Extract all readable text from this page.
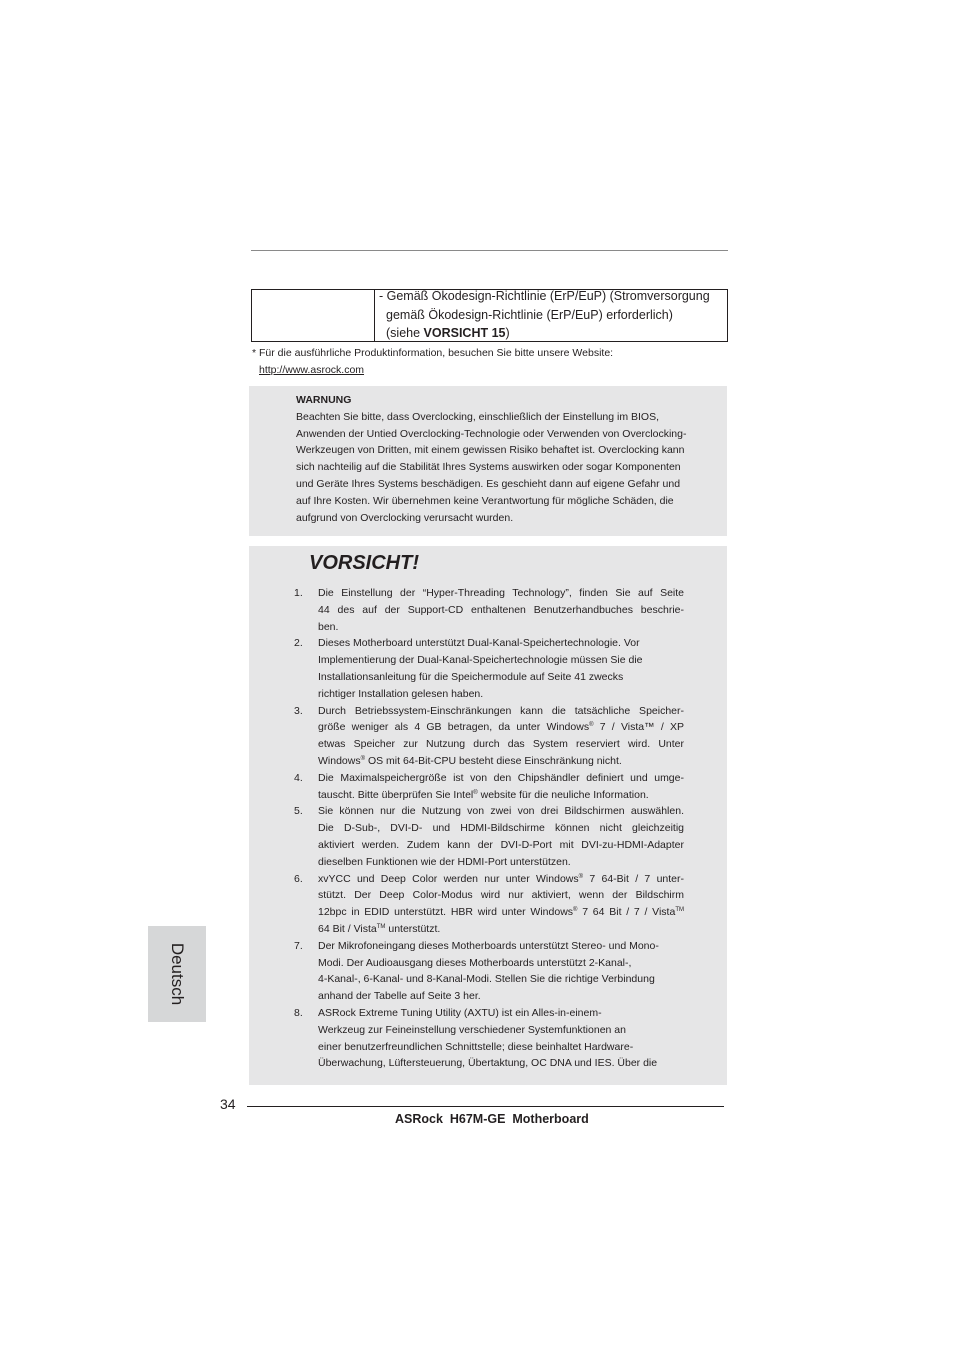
- Gemäß Ökodesign-Richtlinie (ErP/EuP) (Stromversorgung
gemäß Ökodesign-Richtlinie (ErP/EuP) erforderlich)
(siehe VORSICHT 15)
* Für die ausführliche Produktinformation, besuchen Sie bitte unsere Website:
http://www.asrock.com
WARNUNG
Beachten Sie bitte, dass Overclocking, einschließlich der Einstellung im BIOS,
Anwenden der Untied Overclocking-Technologie oder Verwenden von Overclocking-
Werkzeugen von Dritten, mit einem gewissen Risiko behaftet ist. Overclocking kann
sich nachteilig auf die Stabilität Ihres Systems auswirken oder sogar Komponenten
und Geräte Ihres Systems beschädigen. Es geschieht dann auf eigene Gefahr und
auf Ihre Kosten. Wir übernehmen keine Verantwortung für mögliche Schäden, die
aufgrund von Overclocking verursacht wurden.
VORSICHT!
1.	Die Einstellung der “Hyper-Threading Technology”, finden Sie auf Seite
44 des auf der Support-CD enthaltenen Benutzerhandbuches beschrie-
ben.
2.	Dieses Motherboard unterstützt Dual-Kanal-Speichertechnologie. Vor
Implementierung der Dual-Kanal-Speichertechnologie müssen Sie die
Installationsanleitung für die Speichermodule auf Seite 41 zwecks
richtiger Installation gelesen haben.
3.	Durch Betriebssystem-Einschränkungen kann die tatsächliche Speicher-
größe weniger als 4 GB betragen, da unter Windows® 7 / Vista™ / XP
etwas Speicher zur Nutzung durch das System reserviert wird. Unter
Windows® OS mit 64-Bit-CPU besteht diese Einschränkung nicht.
4.	Die Maximalspeichergröße ist von den Chipshändler definiert und umge-
tauscht. Bitte überprüfen Sie Intel® website für die neuliche Information.
5.	Sie können nur die Nutzung von zwei von drei Bildschirmen auswählen.
Die D-Sub-, DVI-D- und HDMI-Bildschirme können nicht gleichzeitig
aktiviert werden. Zudem kann der DVI-D-Port mit DVI-zu-HDMI-Adapter
dieselben Funktionen wie der HDMI-Port unterstützen.
6.	xvYCC und Deep Color werden nur unter Windows® 7 64-Bit / 7 unter-
stützt. Der Deep Color-Modus wird nur aktiviert, wenn der Bildschirm
12bpc in EDID unterstützt. HBR wird unter Windows® 7 64 Bit / 7 / Vista™
64 Bit / Vista™ unterstützt.
7.	Der Mikrofoneingang dieses Motherboards unterstützt Stereo- und Mono-
Modi. Der Audioausgang dieses Motherboards unterstützt 2-Kanal-,
4-Kanal-, 6-Kanal- und 8-Kanal-Modi. Stellen Sie die richtige Verbindung
anhand der Tabelle auf Seite 3 her.
8.	ASRock Extreme Tuning Utility (AXTU) ist ein Alles-in-einem-
Werkzeug zur Feineinstellung verschiedener Systemfunktionen an
einer benutzerfreundlichen Schnittstelle; diese beinhaltet Hardware-
Überwachung, Lüftersteuerung, Übertaktung, OC DNA und IES. Über die
Deutsch
34
ASRock  H67M-GE  Motherboard
